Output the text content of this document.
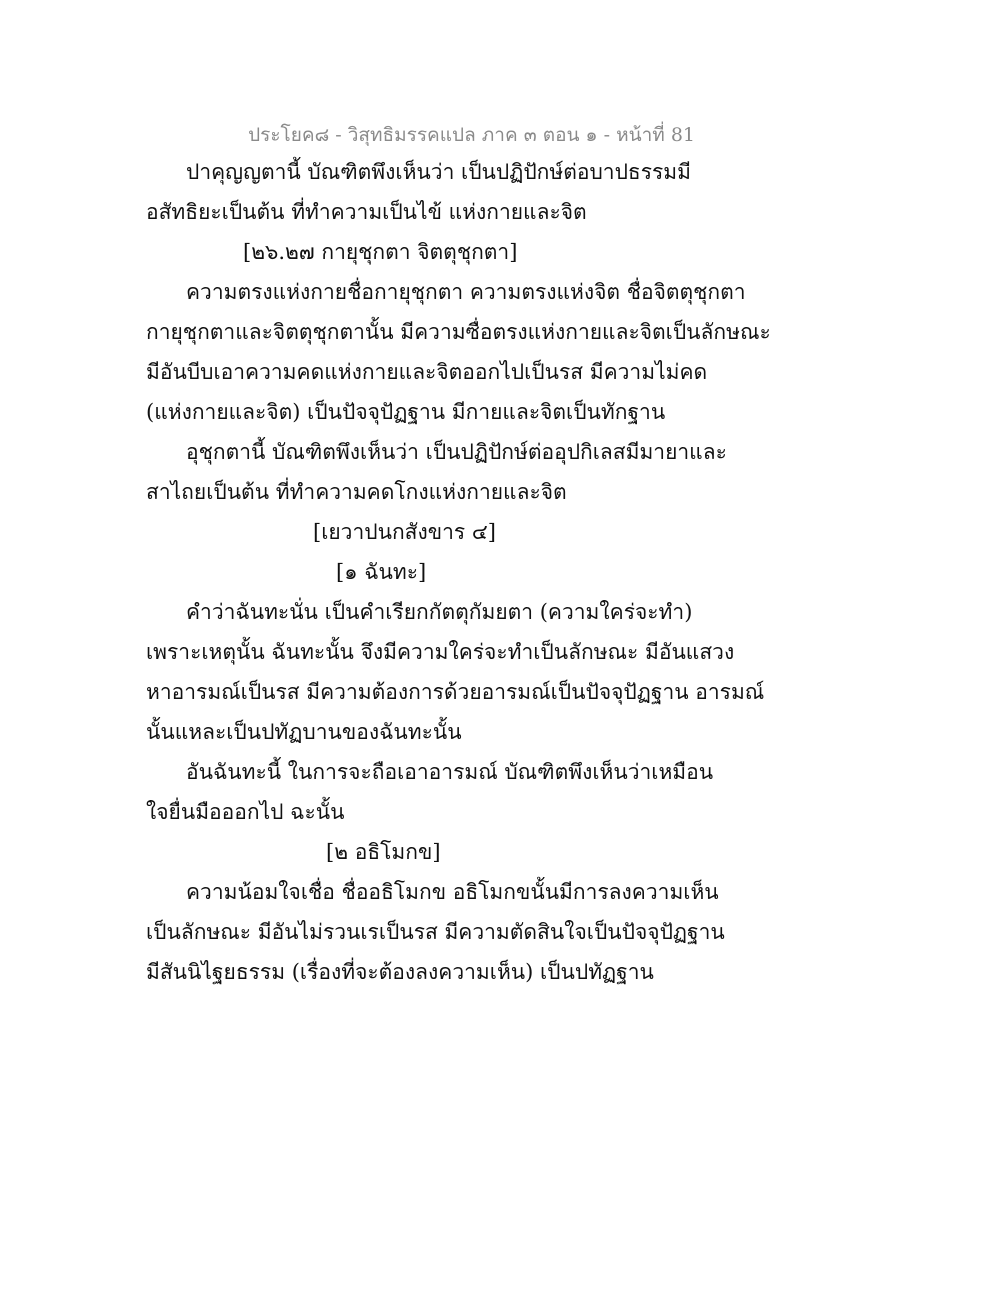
ประโยค๘ - วิสุทธิมรรคแปล ภาค ๓ ตอน ๑ - หน้าที่ 81
ปาคุญญตานี้ บัณฑิตพึงเห็นว่า เป็นปฏิปักษ์ต่อบาปธรรมมี
อสัทธิยะเป็นต้น ที่ทำความเป็นไข้ แห่งกายและจิต
[๒๖.๒๗ กายุชุกตา จิตตุชุกตา]
ความตรงแห่งกายชื่อกายุชุกตา ความตรงแห่งจิต ชื่อจิตตุชุกตา
กายุชุกตาและจิตตุชุกตานั้น มีความซื่อตรงแห่งกายและจิตเป็นลักษณะ
มีอันบีบเอาความคดแห่งกายและจิตออกไปเป็นรส มีความไม่คด
(แห่งกายและจิต) เป็นปัจจุปัฏฐาน มีกายและจิตเป็นทักฐาน
อุชุกตานี้ บัณฑิตพึงเห็นว่า เป็นปฏิปักษ์ต่ออุปกิเลสมีมายาและ
สาไถยเป็นต้น ที่ทำความคดโกงแห่งกายและจิต
[เยวาปนกสังขาร ๔]
[๑ ฉันทะ]
คำว่าฉันทะนั่น เป็นคำเรียกกัตตุกัมยตา (ความใคร่จะทำ)
เพราะเหตุนั้น ฉันทะนั้น จึงมีความใคร่จะทำเป็นลักษณะ มีอันแสวง
หาอารมณ์เป็นรส มีความต้องการด้วยอารมณ์เป็นปัจจุปัฏฐาน อารมณ์
นั้นแหละเป็นปทัฏบานของฉันทะนั้น
อันฉันทะนี้ ในการจะถือเอาอารมณ์ บัณฑิตพึงเห็นว่าเหมือน
ใจยื่นมือออกไป ฉะนั้น
[๒ อธิโมกข]
ความน้อมใจเชื่อ ชื่ออธิโมกข อธิโมกขนั้นมีการลงความเห็น
เป็นลักษณะ มีอันไม่รวนเรเป็นรส มีความตัดสินใจเป็นปัจจุปัฏฐาน
มีสันนิไฐยธรรม (เรื่องที่จะต้องลงความเห็น) เป็นปทัฏฐาน
